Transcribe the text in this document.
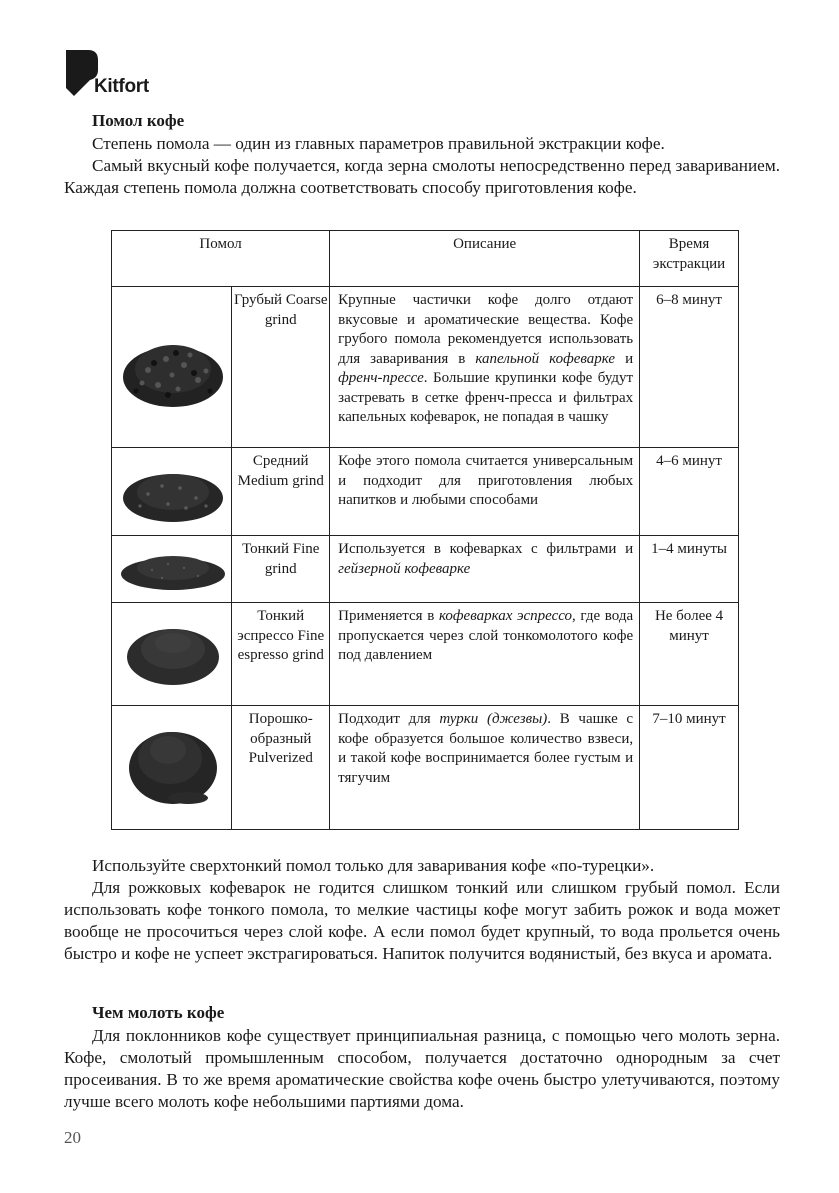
Kitfort
Помол кофе

Степень помола — один из главных параметров правильной экстракции кофе.

Самый вкусный кофе получается, когда зерна смолоты непосредственно перед завариванием. Каждая степень помола должна соответствовать способу приготовления кофе.

Помол		Описание	Время экстракции

	Грубый Coarse grind	Крупные частички кофе долго отдают вкусовые и ароматические вещества. Кофе грубого помола рекомендуется использовать для заваривания в капельной кофеварке и френч-прессе. Большие крупинки кофе будут застревать в сетке френч-пресса и фильтрах капельных кофеварок, не попадая в чашку	6–8 минут

	Средний Medium grind	Кофе этого помола считается универсальным и подходит для приготовления любых напитков и любыми способами	4–6 минут

	Тонкий Fine grind	Используется в кофеварках с фильтрами и гейзерной кофеварке	1–4 минуты

	Тонкий эспрессо Fine espresso grind	Применяется в кофеварках эспрессо, где вода пропускается через слой тонкомолотого кофе под давлением	Не более 4 минут

	Порошкообразный Pulverized	Подходит для турки (джезвы). В чашке с кофе образуется большое количество взвеси, и такой кофе воспринимается более густым и тягучим	7–10 минут

Используйте сверхтонкий помол только для заваривания кофе «по-турецки».

Для рожковых кофеварок не годится слишком тонкий или слишком грубый помол. Если использовать кофе тонкого помола, то мелкие частицы кофе могут забить рожок и вода может вообще не просочиться через слой кофе. А если помол будет крупный, то вода прольется очень быстро и кофе не успеет экстрагироваться. Напиток получится водянистый, без вкуса и аромата.

Чем молоть кофе

Для поклонников кофе существует принципиальная разница, с помощью чего молоть зерна. Кофе, смолотый промышленным способом, получается достаточно однородным за счет просеивания. В то же время ароматические свойства кофе очень быстро улетучиваются, поэтому лучше всего молоть кофе небольшими партиями дома.

20
